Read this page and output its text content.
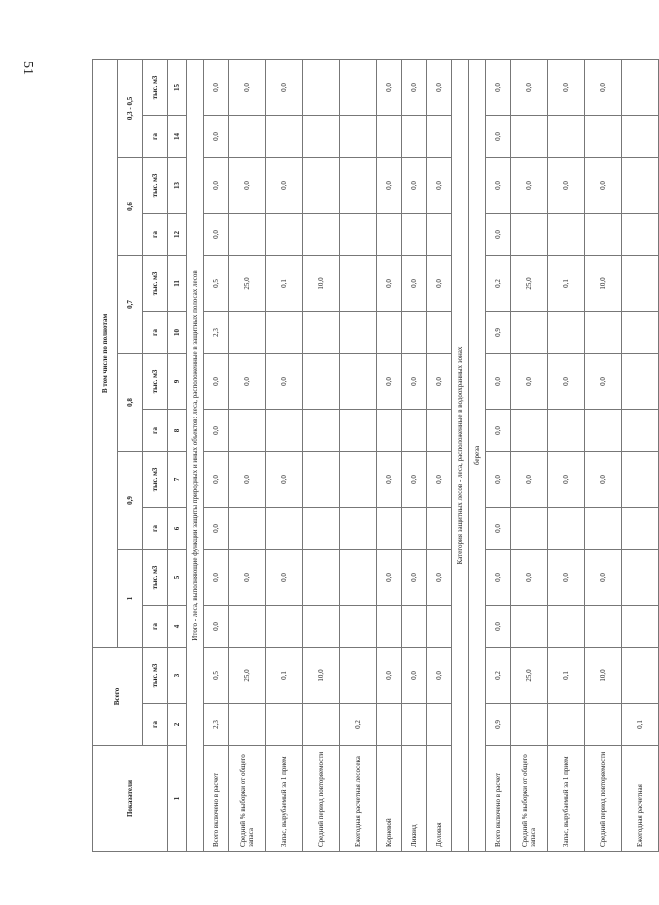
51
Показатели	Всего		В том числе по полнотам											
			1		0,9		0,8		0,7		0,6		0,3 - 0,5	
	га	тыс. м3	га	тыс. м3	га	тыс. м3	га	тыс. м3	га	тыс. м3	га	тыс. м3	га	тыс. м3
1	2	3	4	5	6	7	8	9	10	11	12	13	14	15
Итого - леса, выполняющие функции защиты природных и иных объектов: леса, расположенные в защитных полосах лесов														
Всего включено в расчет	2,3	0,5	0,0	0,0	0,0	0,0	0,0	0,0	2,3	0,5	0,0	0,0	0,0	0,0
Средний % выборки от общего запаса		25,0		0,0		0,0		0,0		25,0		0,0		0,0
Запас, вырубаемый за 1 прием		0,1		0,0		0,0		0,0		0,1		0,0		0,0
Средний период повторяемости		10,0								10,0				
Ежегодная расчетная лесосека	0,2													
Корневой		0,0		0,0		0,0		0,0		0,0		0,0		0,0
Ликвид		0,0		0,0		0,0		0,0		0,0		0,0		0,0
Деловая		0,0		0,0		0,0		0,0		0,0		0,0		0,0
Категория защитных лесов - леса, расположенные в водоохранных зонах														
береза														
Всего включено в расчет	0,9	0,2	0,0	0,0	0,0	0,0	0,0	0,0	0,9	0,2	0,0	0,0	0,0	0,0
Средний % выборки от общего запаса		25,0		0,0		0,0		0,0		25,0		0,0		0,0
Запас, вырубаемый за 1 прием		0,1		0,0		0,0		0,0		0,1		0,0		0,0
Средний период повторяемости		10,0		0,0		0,0		0,0		10,0		0,0		0,0
Ежегодная расчетная	0,1													
